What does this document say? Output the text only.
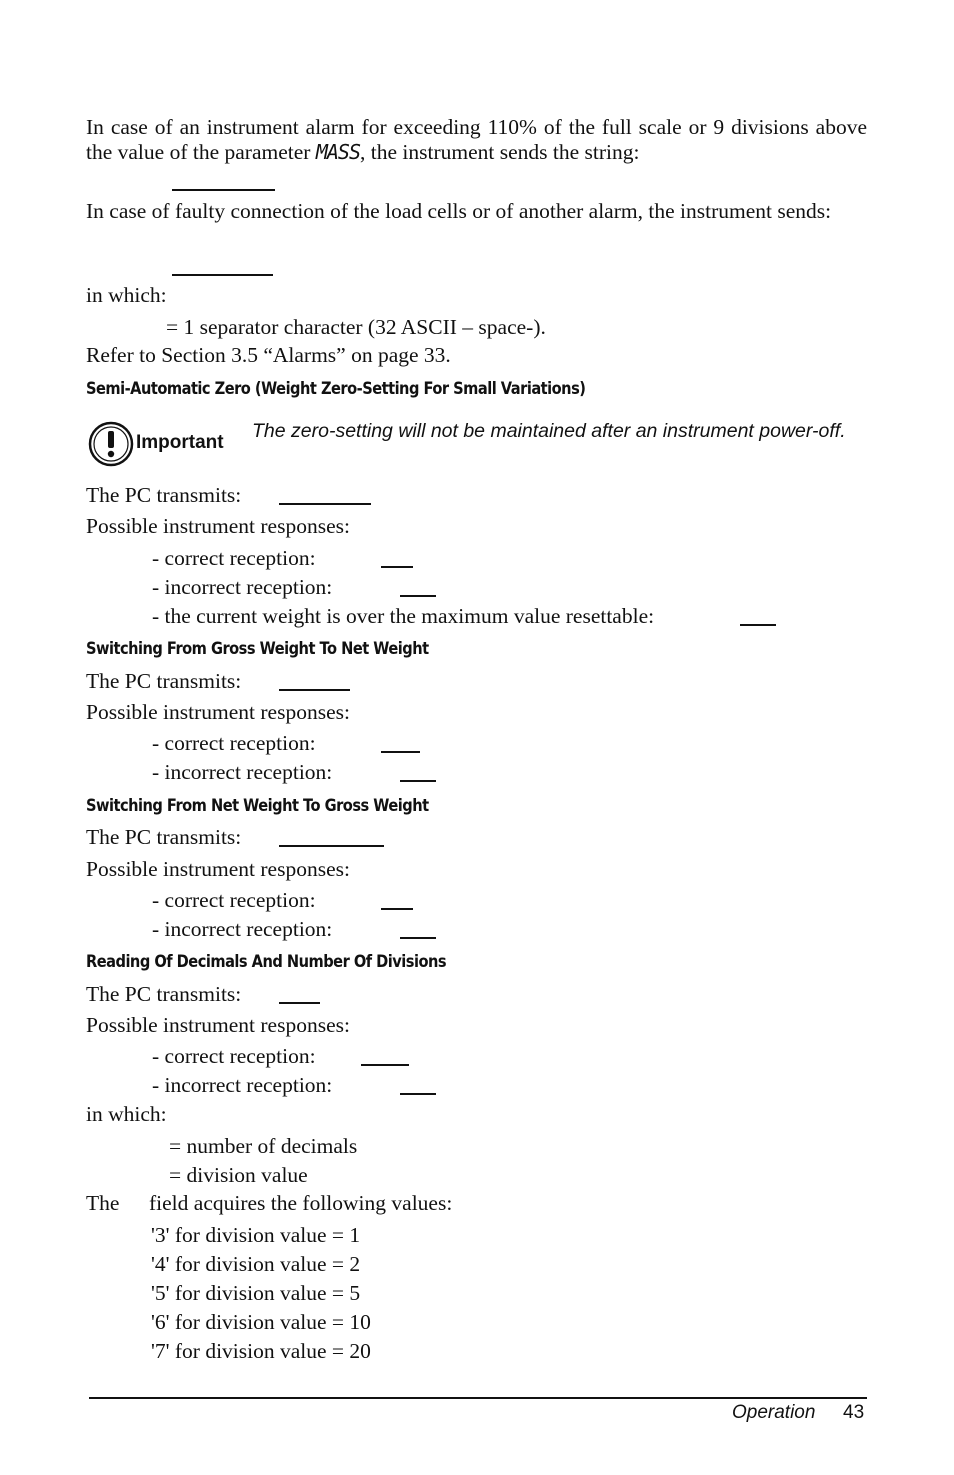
In case of an instrument alarm for exceeding 110% of the full scale or 9 divisions above the value of the parameter MASS, the instrument sends the string:
In case of faulty connection of the load cells or of another alarm, the instrument sends:
in which:
= 1 separator character (32 ASCII – space-).
Refer to Section 3.5 “Alarms” on page 33.
Semi-Automatic Zero (Weight Zero-Setting For Small Variations)
Important
The zero-setting will not be maintained after an instrument power-off.
The PC transmits:
Possible instrument responses:
- correct reception:
- incorrect reception:
- the current weight is over the maximum value resettable:
Switching From Gross Weight To Net Weight
The PC transmits:
Possible instrument responses:
- correct reception:
- incorrect reception:
Switching From Net Weight To Gross Weight
The PC transmits:
Possible instrument responses:
- correct reception:
- incorrect reception:
Reading Of Decimals And Number Of Divisions
The PC transmits:
Possible instrument responses:
- correct reception:
- incorrect reception:
in which:
= number of decimals
= division value
The field acquires the following values:
'3' for division value = 1
'4' for division value = 2
'5' for division value = 5
'6' for division value = 10
'7' for division value = 20
Operation 43
